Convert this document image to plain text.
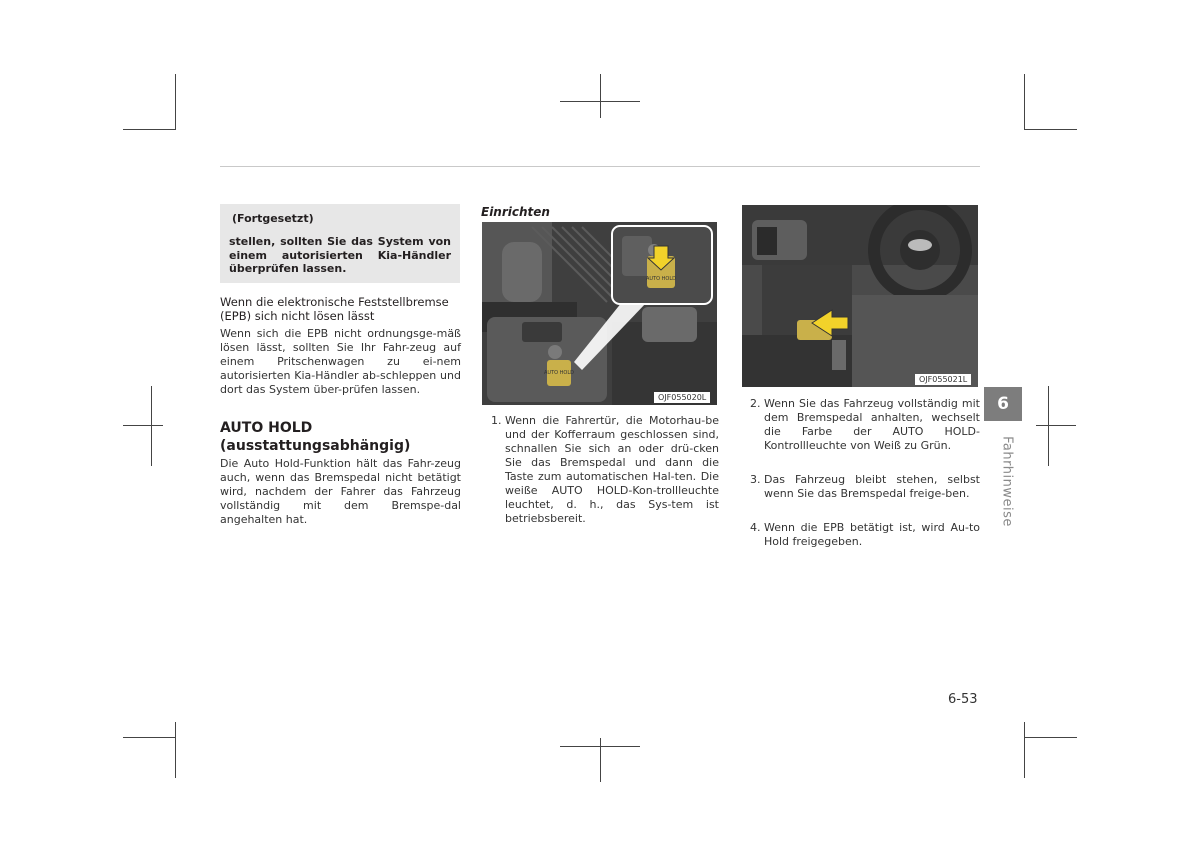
(Fortgesetzt)
stellen, sollten Sie das System von einem autorisierten Kia-Händler überprüfen lassen.
Wenn die elektronische Feststellbremse (EPB) sich nicht lösen lässt
Wenn sich die EPB nicht ordnungsge-mäß lösen lässt, sollten Sie Ihr Fahr-zeug auf einem Pritschenwagen zu ei-nem autorisierten Kia-Händler ab-schleppen und dort das System über-prüfen lassen.
AUTO HOLD
(ausstattungsabhängig)
Die Auto Hold-Funktion hält das Fahr-zeug auch, wenn das Bremspedal nicht betätigt wird, nachdem der Fahrer das Fahrzeug vollständig mit dem Bremspe-dal angehalten hat.
Einrichten
AUTO HOLD
AUTO HOLD
OJF055020L
1. Wenn die Fahrertür, die Motorhau-be und der Kofferraum geschlossen sind, schnallen Sie sich an oder drü-cken Sie das Bremspedal und dann die Taste zum automatischen Hal-ten. Die weiße AUTO HOLD-Kon-trollleuchte leuchtet, d. h., das Sys-tem ist betriebsbereit.
OJF055021L
2. Wenn Sie das Fahrzeug vollständig mit dem Bremspedal anhalten, wechselt die Farbe der AUTO HOLD-Kontrollleuchte von Weiß zu Grün.
3. Das Fahrzeug bleibt stehen, selbst wenn Sie das Bremspedal freige-ben.
4. Wenn die EPB betätigt ist, wird Au-to Hold freigegeben.
6
Fahrhinweise
6-53
